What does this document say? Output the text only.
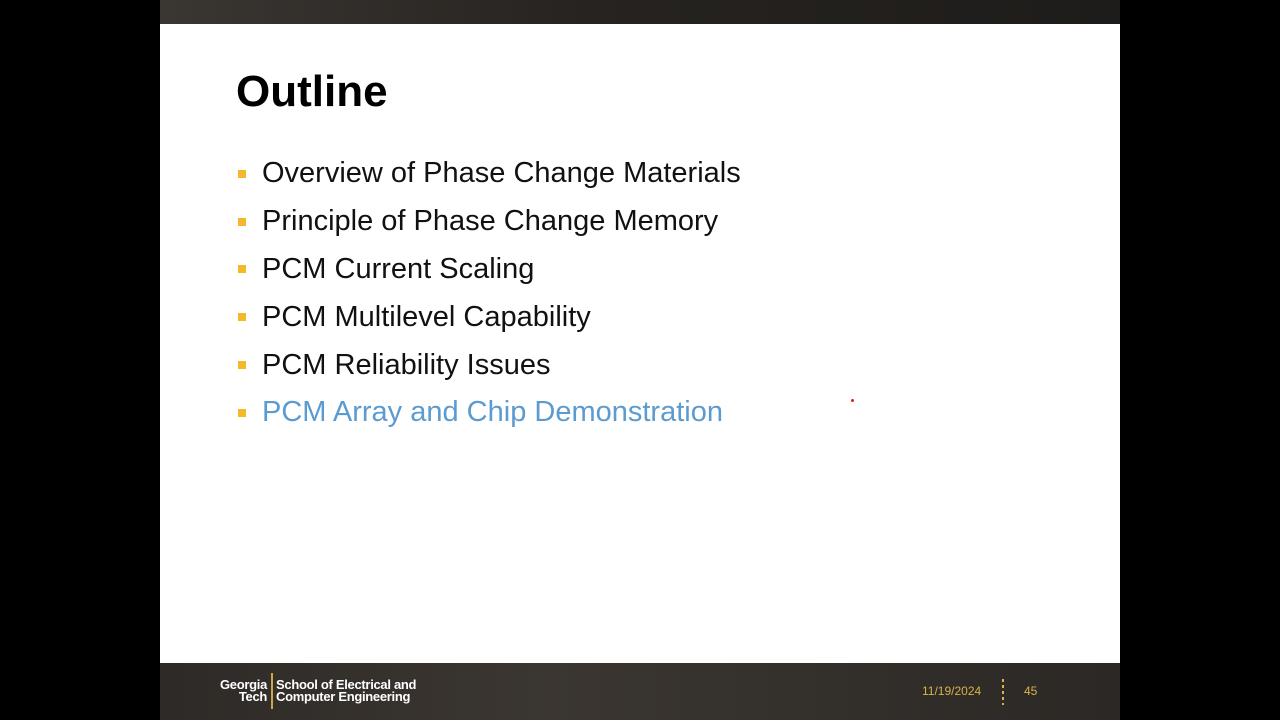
Outline
Overview of Phase Change Materials
Principle of Phase Change Memory
PCM Current Scaling
PCM Multilevel Capability
PCM Reliability Issues
PCM Array and Chip Demonstration
Georgia
Tech
School of Electrical and
Computer Engineering	11/19/2024	45
